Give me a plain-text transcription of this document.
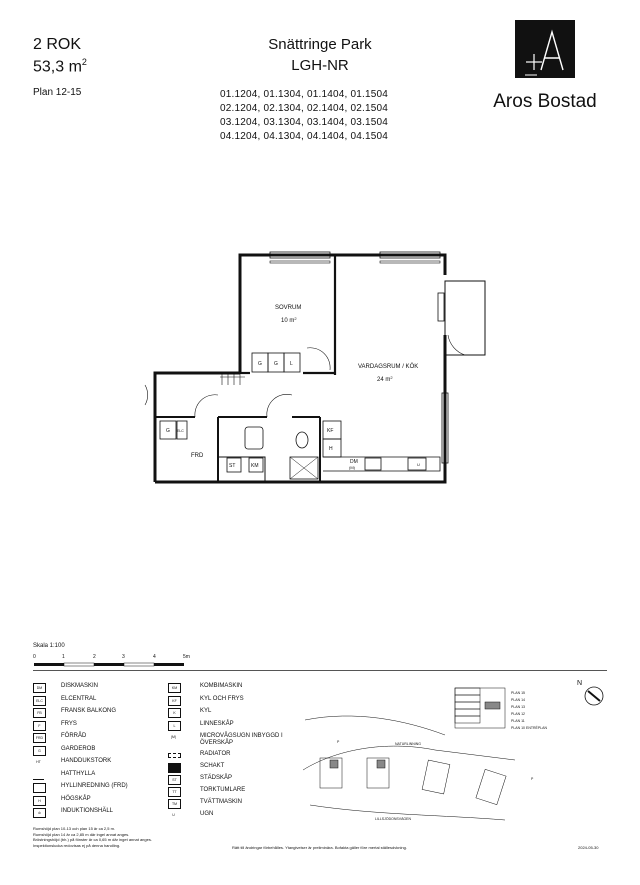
2 ROK
53,3 $m^2$
Plan 12-15
Snättringe Park
LGH-NR
01.1204, 01.1304, 01.1404, 01.1504
02.1204, 02.1304, 02.1404, 02.1504
03.1204, 03.1304, 03.1404, 03.1504
04.1204, 04.1304, 04.1404, 04.1504
Aros Bostad
SOVRUM
10 $m^2$
VARDAGSRUM / KÖK
24 $m^2$
FRD
G G L
G ELC
ST	KM
KF
H
DM
(M)
U
Skala 1:100
0	1	2	3	4	5m
DM	DISKMASKIN
ELC	ELCENTRAL
FB	FRANSK BALKONG
F	FRYS
FRD	FÖRRÅD
G	GARDEROB
HT	HANDDUKSTORK
HATTHYLLA
HYLLINREDNING (FRD)
H	HÖGSKÅP
⊘	INDUKTIONSHÄLL
KM	KOMBIMASKIN
KF	KYL OCH FRYS
K	KYL
L	LINNESKÅP
(M)	MICROVÅGSUGN INBYGGD I ÖVERSKÅP
RADIATOR
SCHAKT
ST	STÄDSKÅP
TT	TORKTUMLARE
TM	TVÄTTMASKIN
U	UGN
Rumshöjd plan 10-13 och plan 15 är ca 2,5 m.
Rumshöjd plan 14 är ca 2,85 m där ingel annat anges.
Bröstningshöjd (bh.) på fönster är ca 0,65 m där inget annat anges.
Inspektionslucka redovisas ej på denna handling.
PLAN 15
PLAN 14
PLAN 13
PLAN 12
PLAN 11
PLAN 10 ENTRÉPLAN
NATURLINNING
LILLSJÖDONSVÄGEN
P
P
N
Rätt till ändringar förbehålles. Ytangivelser är preliminära. Bofakta gäller före mertal ställesdvkning.	2024-05-30
